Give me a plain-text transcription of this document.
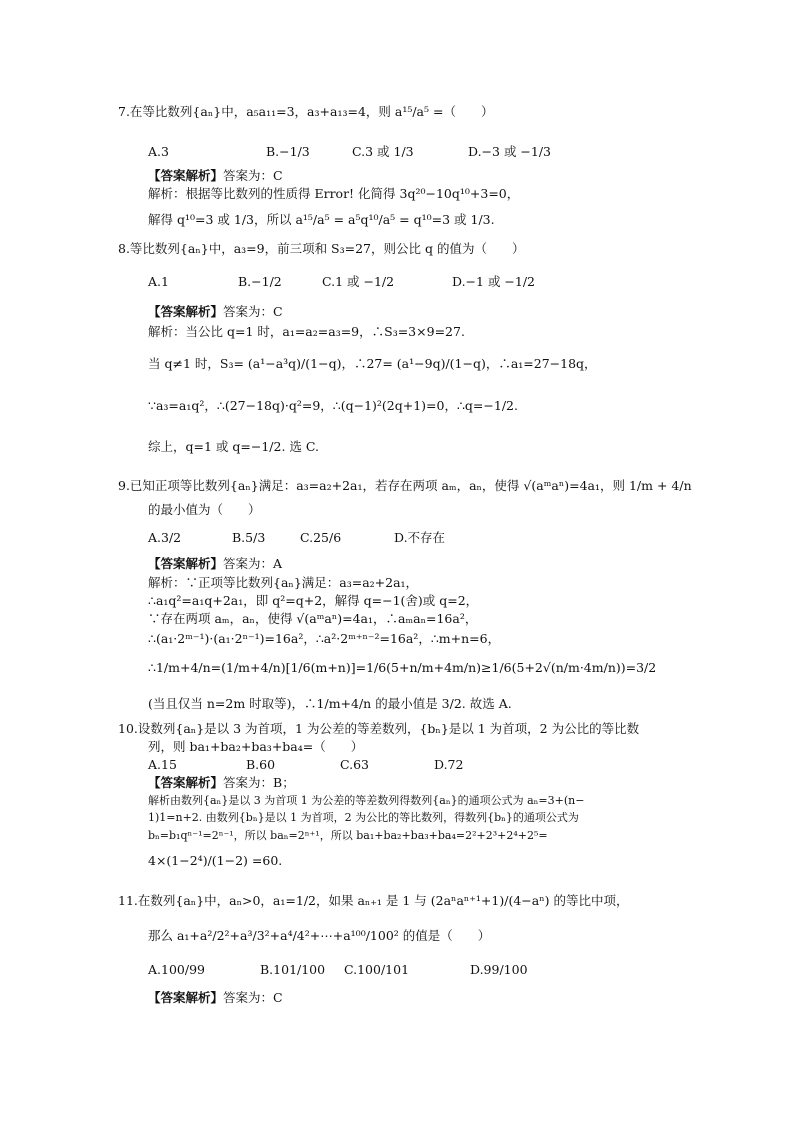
7.在等比数列{aₙ}中，a₅a₁₁=3，a₃+a₁₃=4，则 a¹⁵/a⁵ =（　　）
A.3	B.−1/3	C.3 或 1/3	D.−3 或 −1/3
【答案解析】答案为：C
解析：根据等比数列的性质得 Error! 化简得 3q²⁰−10q¹⁰+3=0，
解得 q¹⁰=3 或 1/3，所以 a¹⁵/a⁵ = a⁵q¹⁰/a⁵ = q¹⁰=3 或 1/3.
8.等比数列{aₙ}中，a₃=9，前三项和 S₃=27，则公比 q 的值为（　　）
A.1	B.−1/2	C.1 或 −1/2	D.−1 或 −1/2
【答案解析】答案为：C
解析：当公比 q=1 时，a₁=a₂=a₃=9，∴S₃=3×9=27.
当 q≠1 时，S₃= (a¹−a³q)/(1−q)，∴27= (a¹−9q)/(1−q)，∴a₁=27−18q，
∵a₃=a₁q²，∴(27−18q)·q²=9，∴(q−1)²(2q+1)=0，∴q=−1/2.
综上，q=1 或 q=−1/2. 选 C.
9.已知正项等比数列{aₙ}满足：a₃=a₂+2a₁，若存在两项 aₘ，aₙ，使得 √(aᵐaⁿ)=4a₁，则 1/m + 4/n
的最小值为（　　）
A.3/2	B.5/3	C.25/6	D.不存在
【答案解析】答案为：A
解析：∵正项等比数列{aₙ}满足：a₃=a₂+2a₁，
∴a₁q²=a₁q+2a₁，即 q²=q+2，解得 q=−1(舍)或 q=2，
∵存在两项 aₘ，aₙ，使得 √(aᵐaⁿ)=4a₁，∴aₘaₙ=16a²，
∴(a₁·2ᵐ⁻¹)·(a₁·2ⁿ⁻¹)=16a²，∴a²·2ᵐ⁺ⁿ⁻²=16a²，∴m+n=6，
∴1/m+4/n=(1/m+4/n)[1/6(m+n)]=1/6(5+n/m+4m/n)≥1/6(5+2√(n/m·4m/n))=3/2
(当且仅当 n=2m 时取等)，∴1/m+4/n 的最小值是 3/2. 故选 A.
10.设数列{aₙ}是以 3 为首项，1 为公差的等差数列，{bₙ}是以 1 为首项，2 为公比的等比数
列，则 ba₁+ba₂+ba₃+ba₄=（　　）
A.15	B.60	C.63	D.72
【答案解析】答案为：B；
解析由数列{aₙ}是以 3 为首项 1 为公差的等差数列得数列{aₙ}的通项公式为 aₙ=3+(n−
1)1=n+2. 由数列{bₙ}是以 1 为首项，2 为公比的等比数列，得数列{bₙ}的通项公式为
bₙ=b₁qⁿ⁻¹=2ⁿ⁻¹，所以 baₙ=2ⁿ⁺¹，所以 ba₁+ba₂+ba₃+ba₄=2²+2³+2⁴+2⁵=
4×(1−2⁴)/(1−2) =60.
11.在数列{aₙ}中，aₙ>0，a₁=1/2，如果 aₙ₊₁ 是 1 与 (2aⁿaⁿ⁺¹+1)/(4−aⁿ) 的等比中项，
那么 a₁+a²/2²+a³/3²+a⁴/4²+⋯+a¹⁰⁰/100² 的值是（　　）
A.100/99	B.101/100 C.100/101	D.99/100
【答案解析】答案为：C
